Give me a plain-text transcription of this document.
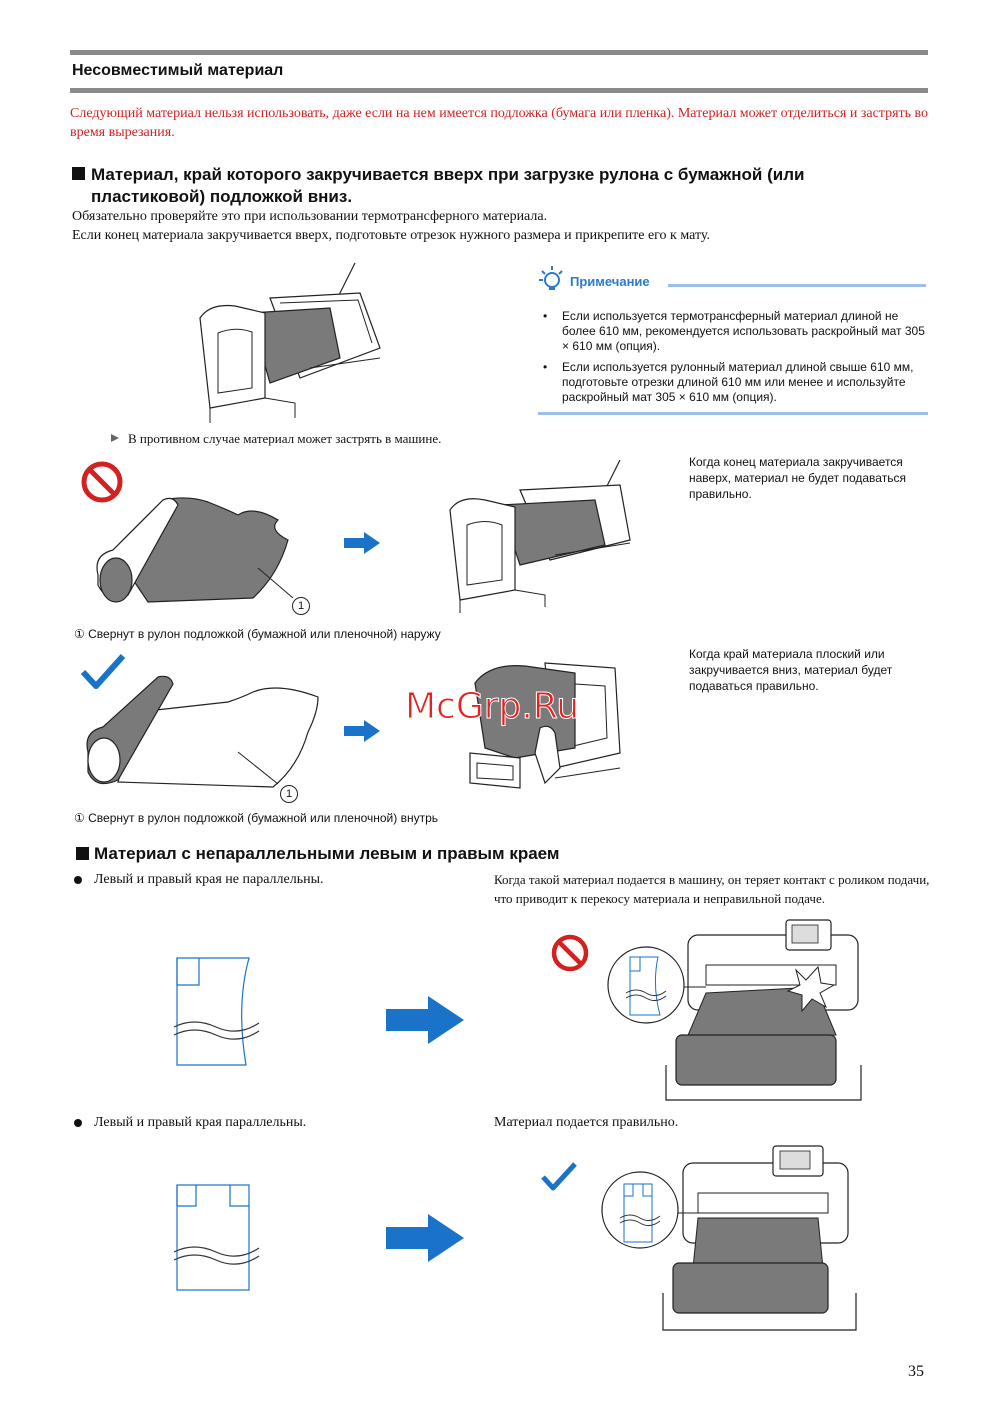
Несовместимый материал
Следующий материал нельзя использовать, даже если на нем имеется подложка (бумага или пленка). Материал может отделиться и застрять во время вырезания.
Материал, край которого закручивается вверх при загрузке рулона с бумажной (или
пластиковой) подложкой вниз.
Обязательно проверяйте это при использовании термотрансферного материала.
Если конец материала закручивается вверх, подготовьте отрезок нужного размера и прикрепите его к мату.
Примечание
• Если используется термотрансферный материал длиной не более 610 мм, рекомендуется использовать раскройный мат 305 × 610 мм (опция).
• Если используется рулонный материал длиной свыше 610 мм, подготовьте отрезки длиной 610 мм или менее и используйте раскройный мат 305 × 610 мм (опция).
В противном случае материал может застрять в машине.
1
Когда конец материала закручивается наверх, материал не будет подаваться правильно.
① Свернут в рулон подложкой (бумажной или пленочной) наружу
1
Когда край материала плоский или закручивается вниз, материал будет подаваться правильно.
McGrp.Ru
① Свернут в рулон подложкой (бумажной или пленочной) внутрь
Материал с непараллельными левым и правым краем
Левый и правый края не параллельны.	Когда такой материал подается в машину, он теряет контакт с роликом подачи, что приводит к перекосу материала и неправильной подаче.
Левый и правый края параллельны.	Материал подается правильно.
35
